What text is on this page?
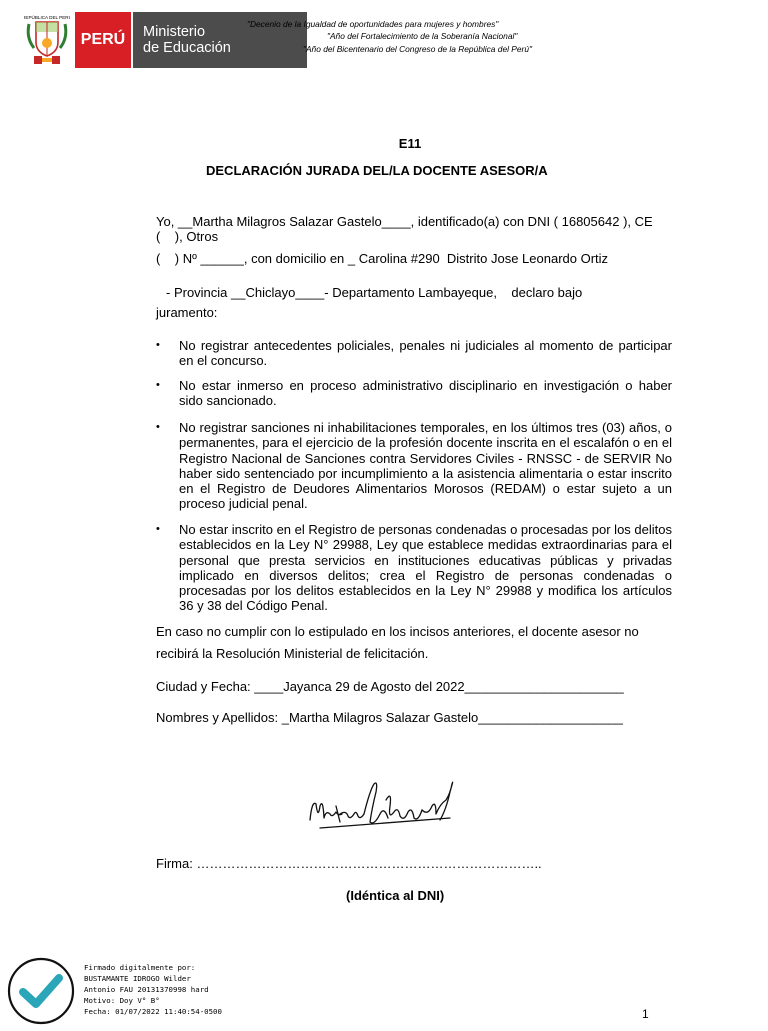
REPÚBLICA DEL PERÚ
PERÚ Ministerio
de Educación
"Decenio de la Igualdad de oportunidades para mujeres y hombres"
"Año del Fortalecimiento de la Soberanía Nacional"
"Año del Bicentenario del Congreso de la República del Perú"
E11
DECLARACIÓN JURADA DEL/LA DOCENTE ASESOR/A
Yo, __Martha Milagros Salazar Gastelo____, identificado(a) con DNI ( 16805642 ), CE
(    ), Otros
(    ) Nº ______, con domicilio en _ Carolina #290  Distrito Jose Leonardo Ortiz
- Provincia __Chiclayo____- Departamento Lambayeque,    declaro bajo
juramento:
• No registrar antecedentes policiales, penales ni judiciales al momento de participar en el concurso.
• No estar inmerso en proceso administrativo disciplinario en investigación o haber sido sancionado.
• No registrar sanciones ni inhabilitaciones temporales, en los últimos tres (03) años, o permanentes, para el ejercicio de la profesión docente inscrita en el escalafón o en el Registro Nacional de Sanciones contra Servidores Civiles - RNSSC - de SERVIR No haber sido sentenciado por incumplimiento a la asistencia alimentaria o estar inscrito en el Registro de Deudores Alimentarios Morosos (REDAM) o estar sujeto a un proceso judicial penal.
• No estar inscrito en el Registro de personas condenadas o procesadas por los delitos establecidos en la Ley N° 29988, Ley que establece medidas extraordinarias para el personal que presta servicios en instituciones educativas públicas y privadas implicado en diversos delitos; crea el Registro de personas condenadas o procesadas por los delitos establecidos en la Ley N° 29988 y modifica los artículos 36 y 38 del Código Penal.
En caso no cumplir con lo estipulado en los incisos anteriores, el docente asesor no
recibirá la Resolución Ministerial de felicitación.
Ciudad y Fecha: ____Jayanca 29 de Agosto del 2022______________________
Nombres y Apellidos: _Martha Milagros Salazar Gastelo____________________
Firma: ……………………………………………………………………..
(Idéntica al DNI)
Firmado digitalmente por:
BUSTAMANTE IDROGO Wilder
Antonio FAU 20131370998 hard
Motivo: Doy V° B°
Fecha: 01/07/2022 11:40:54-0500	1
